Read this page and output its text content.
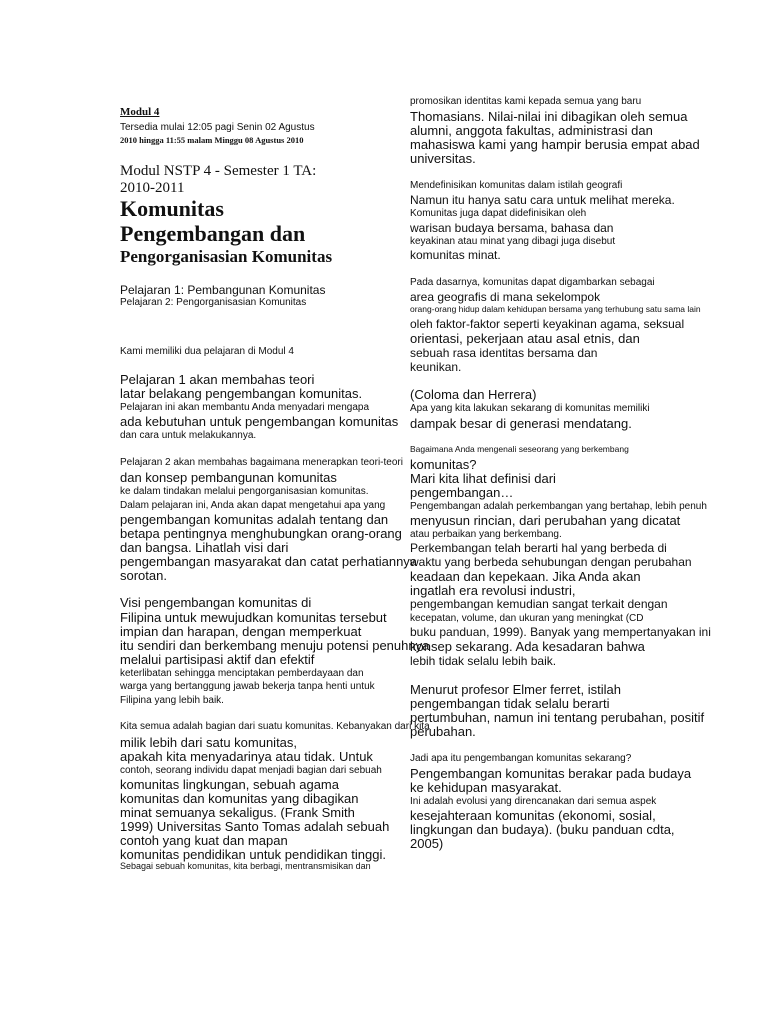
Modul 4
Tersedia mulai 12:05 pagi Senin 02 Agustus
2010 hingga 11:55 malam Minggu 08 Agustus 2010
Modul NSTP 4 - Semester 1 TA:
2010-2011
Komunitas
Pengembangan dan
Pengorganisasian Komunitas
Pelajaran 1: Pembangunan Komunitas
Pelajaran 2: Pengorganisasian Komunitas
Kami memiliki dua pelajaran di Modul 4
Pelajaran 1 akan membahas teori
latar belakang pengembangan komunitas.
Pelajaran ini akan membantu Anda menyadari mengapa
ada kebutuhan untuk pengembangan komunitas
dan cara untuk melakukannya.
Pelajaran 2 akan membahas bagaimana menerapkan teori-teori
dan konsep pembangunan komunitas
ke dalam tindakan melalui pengorganisasian komunitas.
Dalam pelajaran ini, Anda akan dapat mengetahui apa yang
pengembangan komunitas adalah tentang dan
betapa pentingnya menghubungkan orang-orang
dan bangsa. Lihatlah visi dari
pengembangan masyarakat dan catat perhatiannya
sorotan.
Visi pengembangan komunitas di
Filipina untuk mewujudkan komunitas tersebut
impian dan harapan, dengan memperkuat
itu sendiri dan berkembang menuju potensi penuhnya
melalui partisipasi aktif dan efektif
keterlibatan sehingga menciptakan pemberdayaan dan
warga yang bertanggung jawab bekerja tanpa henti untuk
Filipina yang lebih baik.
Kita semua adalah bagian dari suatu komunitas. Kebanyakan dari kita
milik lebih dari satu komunitas,
apakah kita menyadarinya atau tidak. Untuk
contoh, seorang individu dapat menjadi bagian dari sebuah
komunitas lingkungan, sebuah agama
komunitas dan komunitas yang dibagikan
minat semuanya sekaligus. (Frank Smith
1999) Universitas Santo Tomas adalah sebuah
contoh yang kuat dan mapan
komunitas pendidikan untuk pendidikan tinggi.
Sebagai sebuah komunitas, kita berbagi, mentransmisikan dan
promosikan identitas kami kepada semua yang baru
Thomasians. Nilai-nilai ini dibagikan oleh semua
alumni, anggota fakultas, administrasi dan
mahasiswa kami yang hampir berusia empat abad
universitas.
Mendefinisikan komunitas dalam istilah geografi
Namun itu hanya satu cara untuk melihat mereka.
Komunitas juga dapat didefinisikan oleh
warisan budaya bersama, bahasa dan
keyakinan atau minat yang dibagi juga disebut
komunitas minat.
Pada dasarnya, komunitas dapat digambarkan sebagai
area geografis di mana sekelompok
orang-orang hidup dalam kehidupan bersama yang terhubung satu sama lain
oleh faktor-faktor seperti keyakinan agama, seksual
orientasi, pekerjaan atau asal etnis, dan
sebuah rasa identitas bersama dan
keunikan.
(Coloma dan Herrera)
Apa yang kita lakukan sekarang di komunitas memiliki
dampak besar di generasi mendatang.
Bagaimana Anda mengenali seseorang yang berkembang
komunitas?
Mari kita lihat definisi dari
pengembangan…
Pengembangan adalah perkembangan yang bertahap, lebih penuh
menyusun rincian, dari perubahan yang dicatat
atau perbaikan yang berkembang.
Perkembangan telah berarti hal yang berbeda di
waktu yang berbeda sehubungan dengan perubahan
keadaan dan kepekaan. Jika Anda akan
ingatlah era revolusi industri,
pengembangan kemudian sangat terkait dengan
kecepatan, volume, dan ukuran yang meningkat (CD
buku panduan, 1999). Banyak yang mempertanyakan ini
konsep sekarang. Ada kesadaran bahwa
lebih tidak selalu lebih baik.
Menurut profesor Elmer ferret, istilah
pengembangan tidak selalu berarti
pertumbuhan, namun ini tentang perubahan, positif
perubahan.
Jadi apa itu pengembangan komunitas sekarang?
Pengembangan komunitas berakar pada budaya
ke kehidupan masyarakat.
Ini adalah evolusi yang direncanakan dari semua aspek
kesejahteraan komunitas (ekonomi, sosial,
lingkungan dan budaya). (buku panduan cdta,
2005)
